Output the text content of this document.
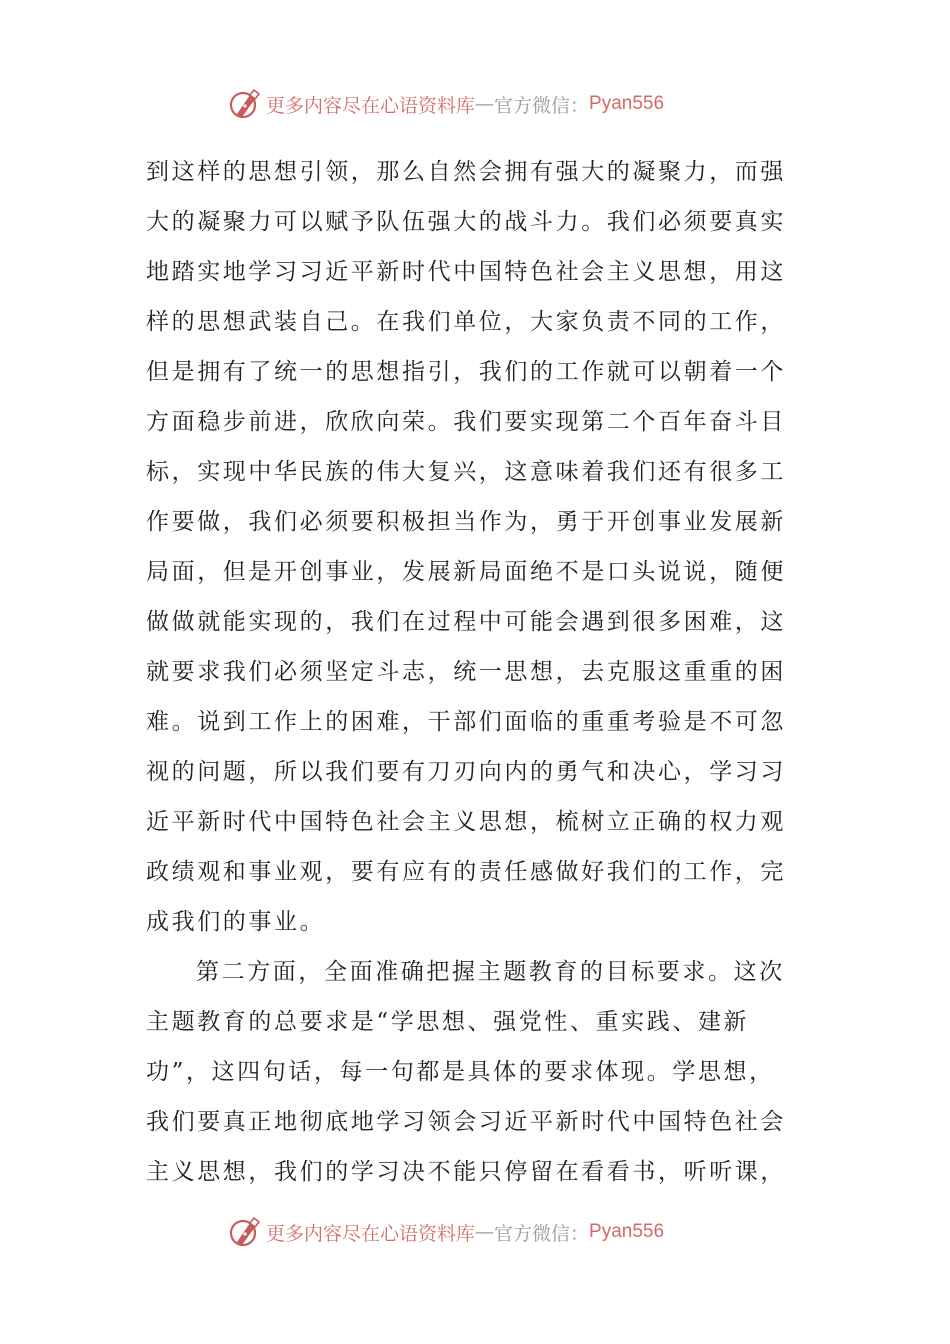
更多内容尽在心语资料库 — 官方微信： Pyan556
到这样的思想引领，那么自然会拥有强大的凝聚力，而强
大的凝聚力可以赋予队伍强大的战斗力。我们必须要真实
地踏实地学习习近平新时代中国特色社会主义思想，用这
样的思想武装自己。在我们单位，大家负责不同的工作，
但是拥有了统一的思想指引，我们的工作就可以朝着一个
方面稳步前进，欣欣向荣。我们要实现第二个百年奋斗目
标，实现中华民族的伟大复兴，这意味着我们还有很多工
作要做，我们必须要积极担当作为，勇于开创事业发展新
局面，但是开创事业，发展新局面绝不是口头说说，随便
做做就能实现的，我们在过程中可能会遇到很多困难，这
就要求我们必须坚定斗志，统一思想，去克服这重重的困
难。说到工作上的困难，干部们面临的重重考验是不可忽
视的问题，所以我们要有刀刃向内的勇气和决心，学习习
近平新时代中国特色社会主义思想，梳树立正确的权力观
政绩观和事业观，要有应有的责任感做好我们的工作，完
成我们的事业。
第二方面，全面准确把握主题教育的目标要求。这次
主题教育的总要求是“学思想、强党性、重实践、建新
功”，这四句话，每一句都是具体的要求体现。学思想，
我们要真正地彻底地学习领会习近平新时代中国特色社会
主义思想，我们的学习决不能只停留在看看书，听听课，
更多内容尽在心语资料库 — 官方微信： Pyan556
